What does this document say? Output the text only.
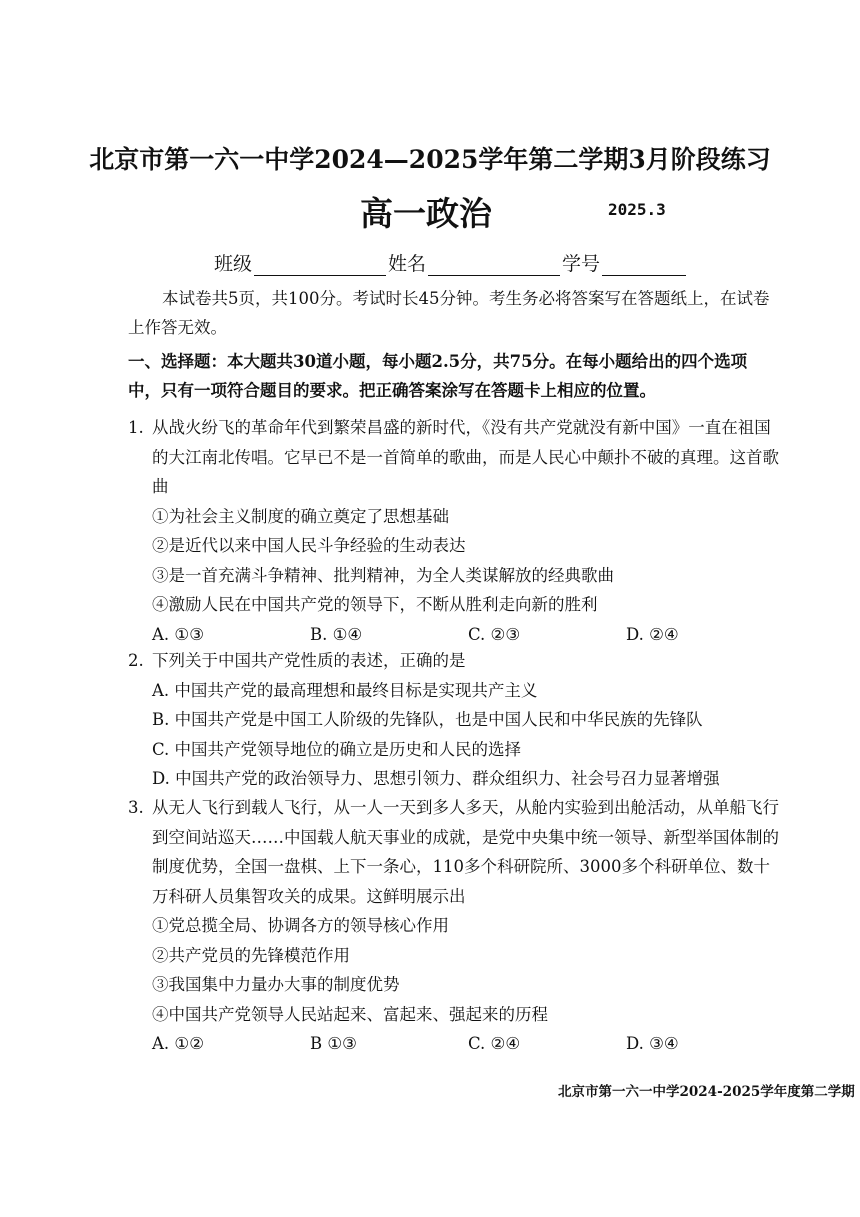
北京市第一六一中学2024—2025学年第二学期3月阶段练习
高一政治	2025.3
班级	姓名	学号
本试卷共5页，共100分。考试时长45分钟。考生务必将答案写在答题纸上，在试卷上作答无效。
一、选择题：本大题共30道小题，每小题2.5分，共75分。在每小题给出的四个选项中，只有一项符合题目的要求。把正确答案涂写在答题卡上相应的位置。
1. 从战火纷飞的革命年代到繁荣昌盛的新时代，《没有共产党就没有新中国》一直在祖国的大江南北传唱。它早已不是一首简单的歌曲，而是人民心中颠扑不破的真理。这首歌曲
①为社会主义制度的确立奠定了思想基础
②是近代以来中国人民斗争经验的生动表达
③是一首充满斗争精神、批判精神，为全人类谋解放的经典歌曲
④激励人民在中国共产党的领导下，不断从胜利走向新的胜利
A. ①③	B. ①④	C. ②③	D. ②④
2. 下列关于中国共产党性质的表述，正确的是
A. 中国共产党的最高理想和最终目标是实现共产主义
B. 中国共产党是中国工人阶级的先锋队，也是中国人民和中华民族的先锋队
C. 中国共产党领导地位的确立是历史和人民的选择
D. 中国共产党的政治领导力、思想引领力、群众组织力、社会号召力显著增强
3. 从无人飞行到载人飞行，从一人一天到多人多天，从舱内实验到出舱活动，从单船飞行到空间站巡天……中国载人航天事业的成就，是党中央集中统一领导、新型举国体制的制度优势，全国一盘棋、上下一条心，110多个科研院所、3000多个科研单位、数十万科研人员集智攻关的成果。这鲜明展示出
①党总揽全局、协调各方的领导核心作用
②共产党员的先锋模范作用
③我国集中力量办大事的制度优势
④中国共产党领导人民站起来、富起来、强起来的历程
A. ①②	B ①③	C. ②④	D. ③④
北京市第一六一中学2024-2025学年度第二学期
